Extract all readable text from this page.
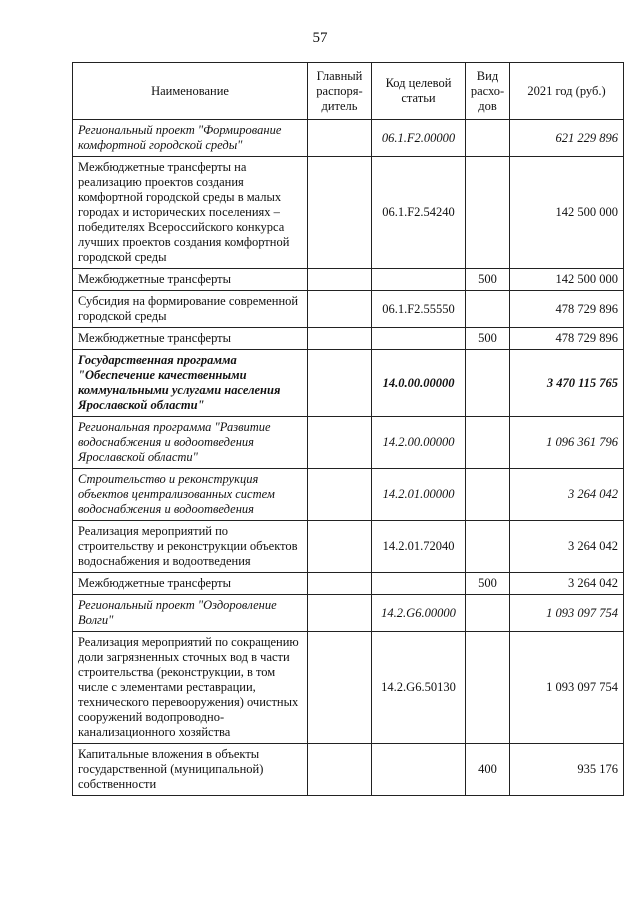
57
Наименование	Главный распоря-дитель	Код целевой статьи	Вид расхо-дов	2021 год (руб.)
Региональный проект "Формирование комфортной городской среды"		06.1.F2.00000		621 229 896
Межбюджетные трансферты на реализацию проектов создания комфортной городской среды в малых городах и исторических поселениях – победителях Всероссийского конкурса лучших проектов создания комфортной городской среды		06.1.F2.54240		142 500 000
Межбюджетные трансферты			500	142 500 000
Субсидия на формирование современной городской среды		06.1.F2.55550		478 729 896
Межбюджетные трансферты			500	478 729 896
Государственная программа "Обеспечение качественными коммунальными услугами населения Ярославской области"		14.0.00.00000		3 470 115 765
Региональная программа "Развитие водоснабжения и водоотведения Ярославской области"		14.2.00.00000		1 096 361 796
Строительство и реконструкция объектов централизованных систем водоснабжения и водоотведения		14.2.01.00000		3 264 042
Реализация мероприятий по строительству и реконструкции объектов водоснабжения и водоотведения		14.2.01.72040		3 264 042
Межбюджетные трансферты			500	3 264 042
Региональный проект "Оздоровление Волги"		14.2.G6.00000		1 093 097 754
Реализация мероприятий по сокращению доли загрязненных сточных вод в части строительства (реконструкции, в том числе с элементами реставрации, технического перевооружения) очистных сооружений водопроводно-канализационного хозяйства		14.2.G6.50130		1 093 097 754
Капитальные вложения в объекты государственной (муниципальной) собственности			400	935 176
